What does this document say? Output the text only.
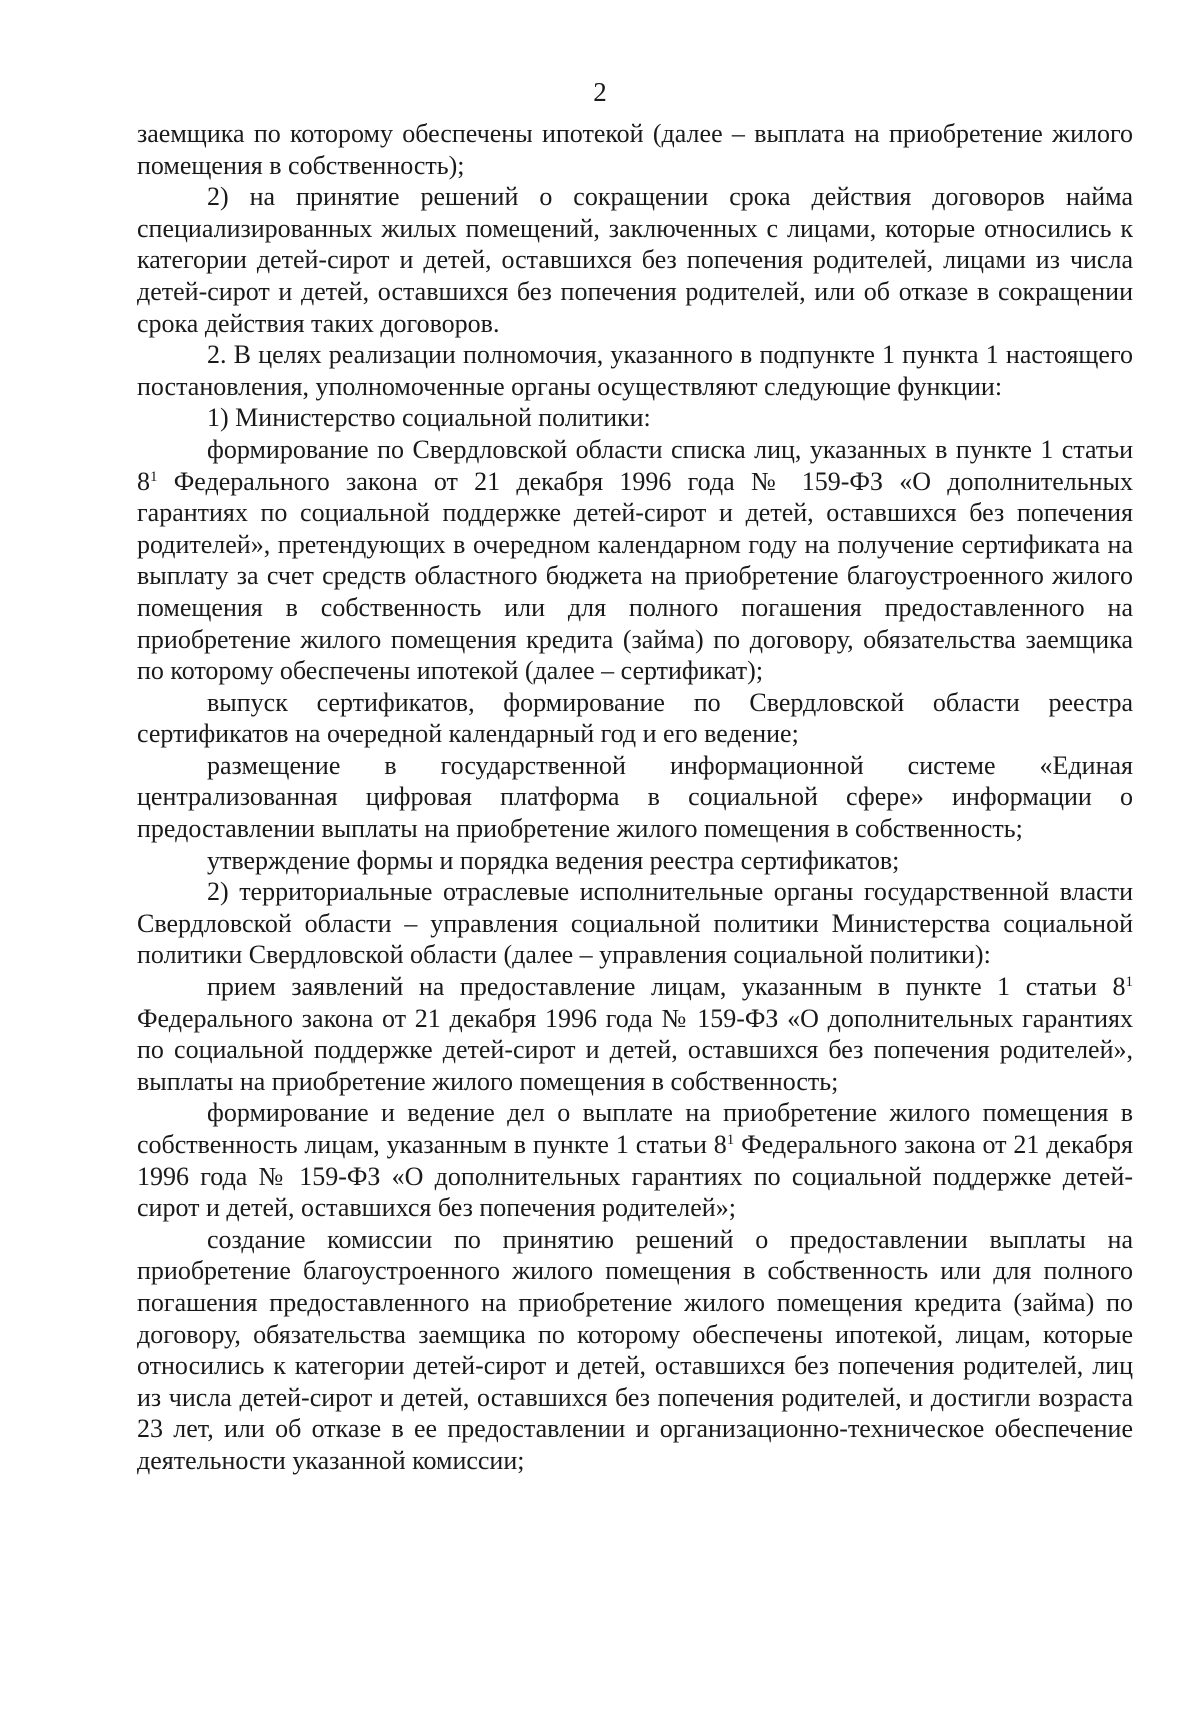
2

заемщика по которому обеспечены ипотекой (далее – выплата на приобретение жилого помещения в собственность);

2) на принятие решений о сокращении срока действия договоров найма специализированных жилых помещений, заключенных с лицами, которые относились к категории детей-сирот и детей, оставшихся без попечения родителей, лицами из числа детей-сирот и детей, оставшихся без попечения родителей, или об отказе в сокращении срока действия таких договоров.

2. В целях реализации полномочия, указанного в подпункте 1 пункта 1 настоящего постановления, уполномоченные органы осуществляют следующие функции:

1) Министерство социальной политики:

формирование по Свердловской области списка лиц, указанных в пункте 1 статьи $8^1$ Федерального закона от 21 декабря 1996 года № 159-ФЗ «О дополнительных гарантиях по социальной поддержке детей-сирот и детей, оставшихся без попечения родителей», претендующих в очередном календарном году на получение сертификата на выплату за счет средств областного бюджета на приобретение благоустроенного жилого помещения в собственность или для полного погашения предоставленного на приобретение жилого помещения кредита (займа) по договору, обязательства заемщика по которому обеспечены ипотекой (далее – сертификат);

выпуск сертификатов, формирование по Свердловской области реестра сертификатов на очередной календарный год и его ведение;

размещение в государственной информационной системе «Единая централизованная цифровая платформа в социальной сфере» информации о предоставлении выплаты на приобретение жилого помещения в собственность;

утверждение формы и порядка ведения реестра сертификатов;

2) территориальные отраслевые исполнительные органы государственной власти Свердловской области – управления социальной политики Министерства социальной политики Свердловской области (далее – управления социальной политики):

прием заявлений на предоставление лицам, указанным в пункте 1 статьи $8^1$ Федерального закона от 21 декабря 1996 года № 159-ФЗ «О дополнительных гарантиях по социальной поддержке детей-сирот и детей, оставшихся без попечения родителей», выплаты на приобретение жилого помещения в собственность;

формирование и ведение дел о выплате на приобретение жилого помещения в собственность лицам, указанным в пункте 1 статьи $8^1$ Федерального закона от 21 декабря 1996 года № 159-ФЗ «О дополнительных гарантиях по социальной поддержке детей-сирот и детей, оставшихся без попечения родителей»;

создание комиссии по принятию решений о предоставлении выплаты на приобретение благоустроенного жилого помещения в собственность или для полного погашения предоставленного на приобретение жилого помещения кредита (займа) по договору, обязательства заемщика по которому обеспечены ипотекой, лицам, которые относились к категории детей-сирот и детей, оставшихся без попечения родителей, лиц из числа детей-сирот и детей, оставшихся без попечения родителей, и достигли возраста 23 лет, или об отказе в ее предоставлении и организационно-техническое обеспечение деятельности указанной комиссии;
